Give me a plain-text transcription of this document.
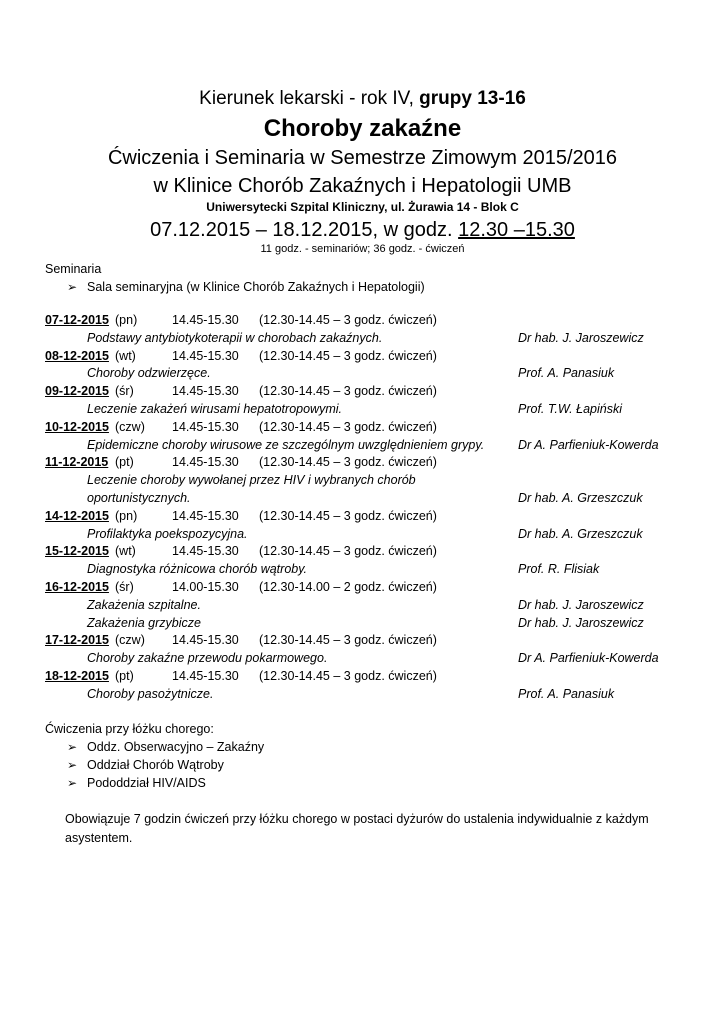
Kierunek lekarski - rok IV, grupy 13-16
Choroby zakaźne
Ćwiczenia i Seminaria w Semestrze Zimowym 2015/2016
w Klinice Chorób Zakaźnych i Hepatologii UMB
Uniwersytecki Szpital Kliniczny, ul. Żurawia 14 - Blok C
07.12.2015 – 18.12.2015, w godz. 12.30 –15.30
11 godz. - seminariów; 36 godz. - ćwiczeń
Seminaria
➢ Sala seminaryjna (w Klinice Chorób Zakaźnych i Hepatologii)
07-12-2015 (pn)	14.45-15.30 (12.30-14.45 – 3 godz. ćwiczeń)
Podstawy antybiotykoterapii w chorobach zakaźnych.	Dr hab. J. Jaroszewicz
08-12-2015 (wt)	14.45-15.30 (12.30-14.45 – 3 godz. ćwiczeń)
Choroby odzwierzęce.	Prof. A. Panasiuk
09-12-2015 (śr)	14.45-15.30 (12.30-14.45 – 3 godz. ćwiczeń)
Leczenie zakażeń wirusami hepatotropowymi.	Prof. T.W. Łapiński
10-12-2015 (czw) 14.45-15.30 (12.30-14.45 – 3 godz. ćwiczeń)
Epidemiczne choroby wirusowe ze szczególnym uwzględnieniem grypy.	Dr A. Parfieniuk-Kowerda
11-12-2015 (pt)	14.45-15.30 (12.30-14.45 – 3 godz. ćwiczeń)
Leczenie choroby wywołanej przez HIV i wybranych chorób
oportunistycznych.	Dr hab. A. Grzeszczuk
14-12-2015 (pn)	14.45-15.30 (12.30-14.45 – 3 godz. ćwiczeń)
Profilaktyka poekspozycyjna.	Dr hab. A. Grzeszczuk
15-12-2015 (wt)	14.45-15.30 (12.30-14.45 – 3 godz. ćwiczeń)
Diagnostyka różnicowa chorób wątroby.	Prof. R. Flisiak
16-12-2015 (śr)	14.00-15.30 (12.30-14.00 – 2 godz. ćwiczeń)
Zakażenia szpitalne.	Dr hab. J. Jaroszewicz
Zakażenia grzybicze	Dr hab. J. Jaroszewicz
17-12-2015 (czw) 14.45-15.30 (12.30-14.45 – 3 godz. ćwiczeń)
Choroby zakaźne przewodu pokarmowego.	Dr A. Parfieniuk-Kowerda
18-12-2015 (pt)	14.45-15.30 (12.30-14.45 – 3 godz. ćwiczeń)
Choroby pasożytnicze.	Prof. A. Panasiuk
Ćwiczenia przy łóżku chorego:
➢ Oddz. Obserwacyjno – Zakaźny
➢ Oddział Chorób Wątroby
➢ Pododdział HIV/AIDS
Obowiązuje 7 godzin ćwiczeń przy łóżku chorego w postaci dyżurów do ustalenia indywidualnie z każdym asystentem.
